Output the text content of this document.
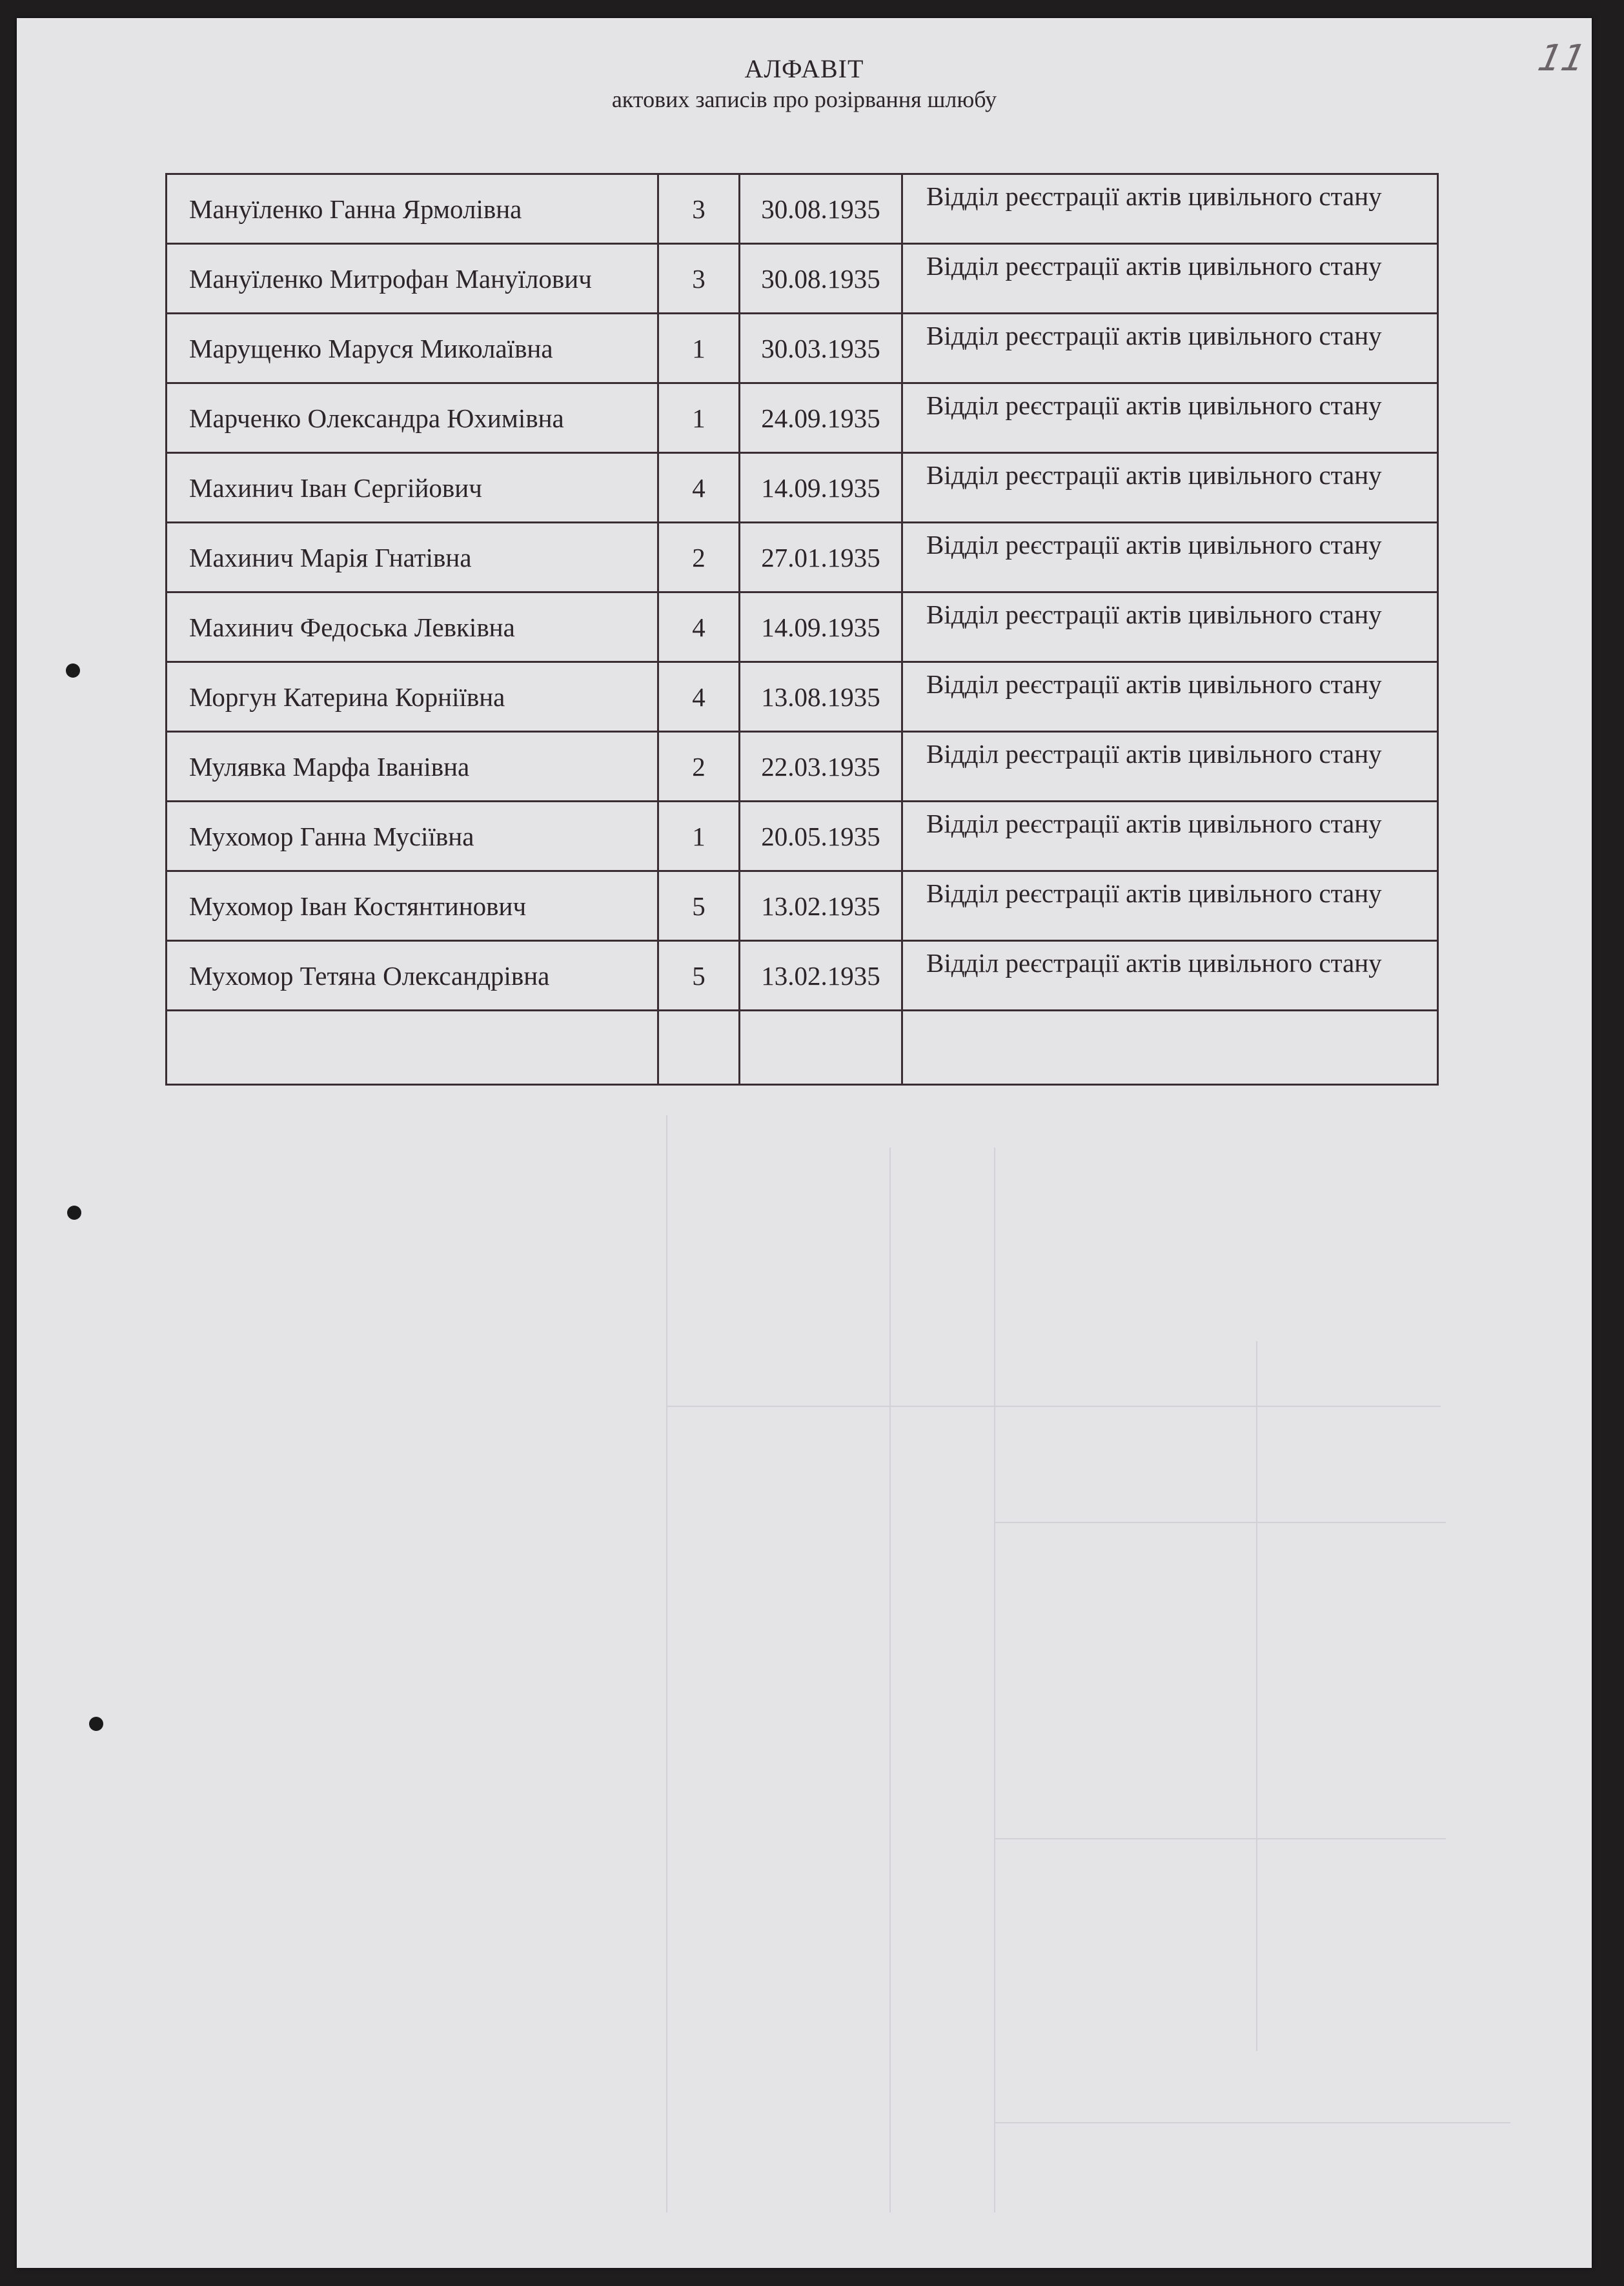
АЛФАВІТ
актових записів про розірвання шлюбу
11
Мануїленко Ганна Ярмолівна	3	30.08.1935	Відділ реєстрації актів цивільного стану
Мануїленко Митрофан Мануїлович	3	30.08.1935	Відділ реєстрації актів цивільного стану
Марущенко Маруся Миколаївна	1	30.03.1935	Відділ реєстрації актів цивільного стану
Марченко Олександра Юхимівна	1	24.09.1935	Відділ реєстрації актів цивільного стану
Махинич Іван Сергійович	4	14.09.1935	Відділ реєстрації актів цивільного стану
Махинич Марія Гнатівна	2	27.01.1935	Відділ реєстрації актів цивільного стану
Махинич Федоська Левківна	4	14.09.1935	Відділ реєстрації актів цивільного стану
Моргун Катерина Корніївна	4	13.08.1935	Відділ реєстрації актів цивільного стану
Мулявка Марфа Іванівна	2	22.03.1935	Відділ реєстрації актів цивільного стану
Мухомор Ганна Мусіївна	1	20.05.1935	Відділ реєстрації актів цивільного стану
Мухомор Іван Костянтинович	5	13.02.1935	Відділ реєстрації актів цивільного стану
Мухомор Тетяна Олександрівна	5	13.02.1935	Відділ реєстрації актів цивільного стану
